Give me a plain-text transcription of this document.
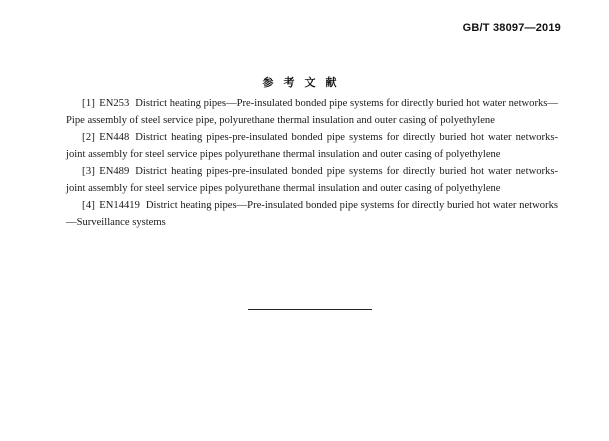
GB/T 38097—2019
参考文献

[1] EN253 District heating pipes—Pre-insulated bonded pipe systems for directly buried hot water networks—Pipe assembly of steel service pipe, polyurethane thermal insulation and outer casing of polyethylene

[2] EN448 District heating pipes-pre-insulated bonded pipe systems for directly buried hot water networks-joint assembly for steel service pipes polyurethane thermal insulation and outer casing of polyethylene

[3] EN489 District heating pipes-pre-insulated bonded pipe systems for directly buried hot water networks-joint assembly for steel service pipes polyurethane thermal insulation and outer casing of polyethylene

[4] EN14419 District heating pipes—Pre-insulated bonded pipe systems for directly buried hot water networks—Surveillance systems
